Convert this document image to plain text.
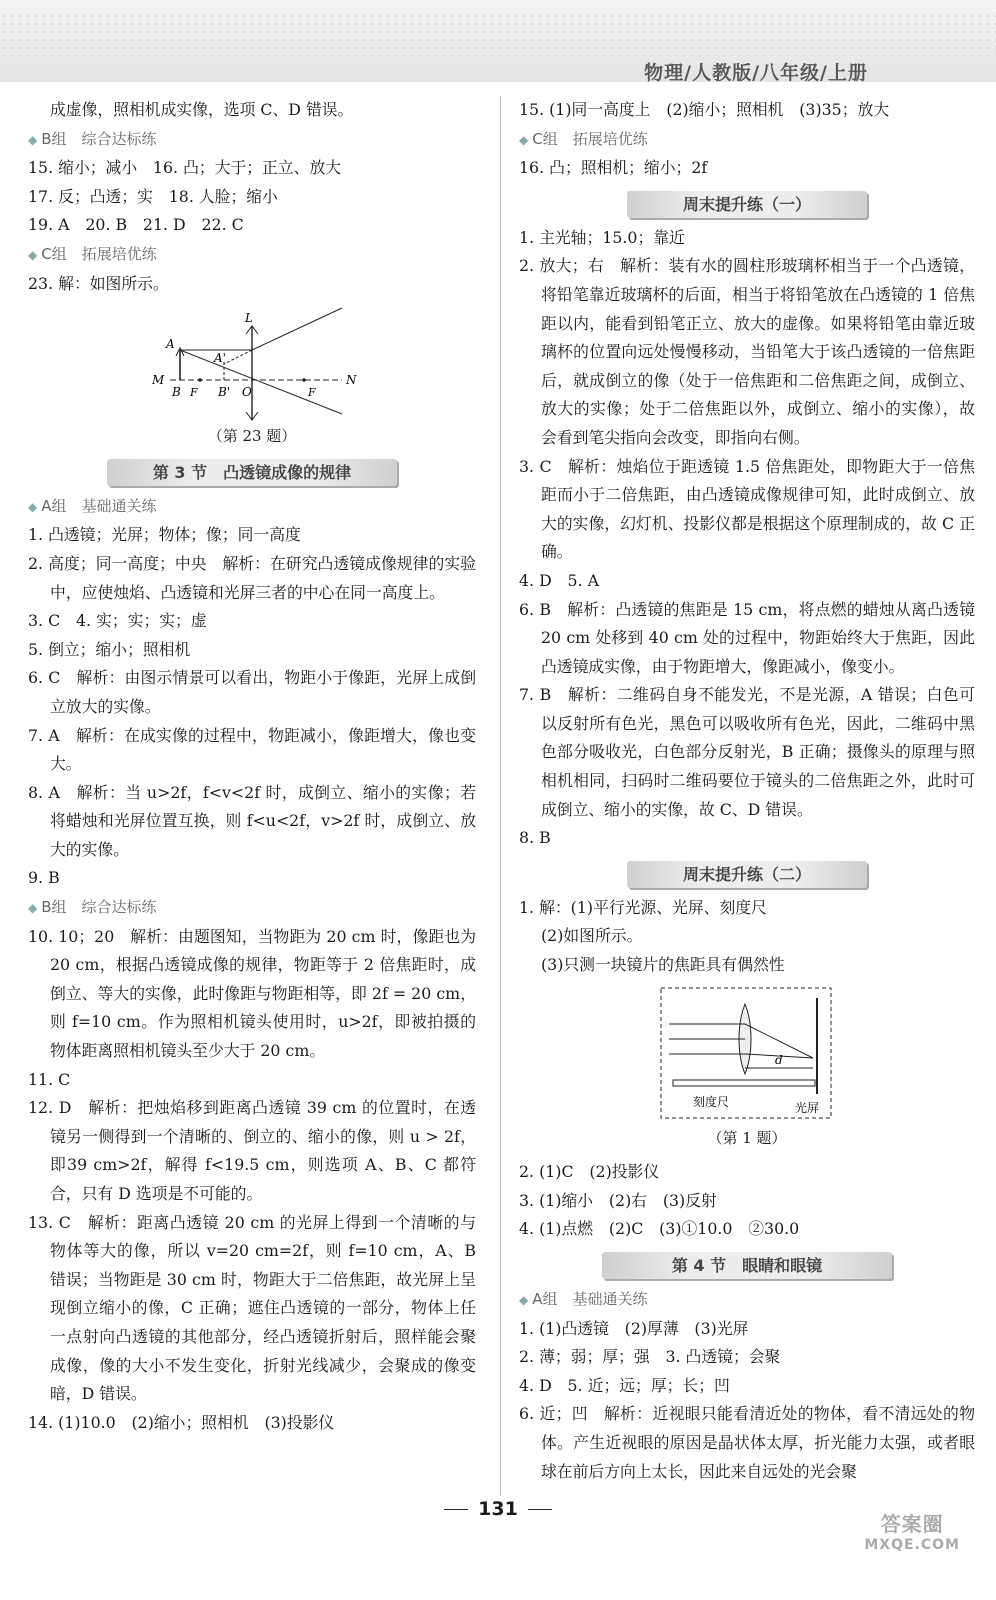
物理/人教版/八年级/上册

成虚像，照相机成实像，选项 C、D 错误。

◆ B组　综合达标练

15. 缩小；减小　16. 凸；大于；正立、放大

17. 反；凸透；实　18. 人脸；缩小

19. A　20. B　21. D　22. C

◆ C组　拓展培优练

23. 解：如图所示。

L
A
A'
M
B F B' O	F
N

（第 23 题）

第 3 节　凸透镜成像的规律

◆ A组　基础通关练

1. 凸透镜；光屏；物体；像；同一高度

2. 高度；同一高度；中央　解析：在研究凸透镜成像规律的实验中，应使烛焰、凸透镜和光屏三者的中心在同一高度上。

3. C　4. 实；实；实；虚

5. 倒立；缩小；照相机

6. C　解析：由图示情景可以看出，物距小于像距，光屏上成倒立放大的实像。

7. A　解析：在成实像的过程中，物距减小，像距增大，像也变大。

8. A　解析：当 u>2f，f<v<2f 时，成倒立、缩小的实像；若将蜡烛和光屏位置互换，则 f<u<2f，v>2f 时，成倒立、放大的实像。

9. B

◆ B组　综合达标练

10. 10；20　解析：由题图知，当物距为 20 cm 时，像距也为 20 cm，根据凸透镜成像的规律，物距等于 2 倍焦距时，成倒立、等大的实像，此时像距与物距相等，即 2f = 20 cm，则 f=10 cm。作为照相机镜头使用时，u>2f，即被拍摄的物体距离照相机镜头至少大于 20 cm。

11. C

12. D　解析：把烛焰移到距离凸透镜 39 cm 的位置时，在透镜另一侧得到一个清晰的、倒立的、缩小的像，则 u > 2f，即39 cm>2f，解得 f<19.5 cm，则选项 A、B、C 都符合，只有 D 选项是不可能的。

13. C　解析：距离凸透镜 20 cm 的光屏上得到一个清晰的与物体等大的像，所以 v=20 cm=2f，则 f=10 cm，A、B 错误；当物距是 30 cm 时，物距大于二倍焦距，故光屏上呈现倒立缩小的像，C 正确；遮住凸透镜的一部分，物体上任一点射向凸透镜的其他部分，经凸透镜折射后，照样能会聚成像，像的大小不发生变化，折射光线减少，会聚成的像变暗，D 错误。

14. (1)10.0　(2)缩小；照相机　(3)投影仪

15. (1)同一高度上　(2)缩小；照相机　(3)35；放大

◆ C组　拓展培优练

16. 凸；照相机；缩小；2f

周末提升练（一）

1. 主光轴；15.0；靠近

2. 放大；右　解析：装有水的圆柱形玻璃杯相当于一个凸透镜，将铅笔靠近玻璃杯的后面，相当于将铅笔放在凸透镜的 1 倍焦距以内，能看到铅笔正立、放大的虚像。如果将铅笔由靠近玻璃杯的位置向远处慢慢移动，当铅笔大于该凸透镜的一倍焦距后，就成倒立的像（处于一倍焦距和二倍焦距之间，成倒立、放大的实像；处于二倍焦距以外，成倒立、缩小的实像），故会看到笔尖指向会改变，即指向右侧。

3. C　解析：烛焰位于距透镜 1.5 倍焦距处，即物距大于一倍焦距而小于二倍焦距，由凸透镜成像规律可知，此时成倒立、放大的实像，幻灯机、投影仪都是根据这个原理制成的，故 C 正确。

4. D　5. A

6. B　解析：凸透镜的焦距是 15 cm，将点燃的蜡烛从离凸透镜20 cm 处移到 40 cm 处的过程中，物距始终大于焦距，因此凸透镜成实像，由于物距增大，像距减小，像变小。

7. B　解析：二维码自身不能发光，不是光源，A 错误；白色可以反射所有色光，黑色可以吸收所有色光，因此，二维码中黑色部分吸收光，白色部分反射光，B 正确；摄像头的原理与照相机相同，扫码时二维码要位于镜头的二倍焦距之外，此时可成倒立、缩小的实像，故 C、D 错误。

8. B

周末提升练（二）

1. 解：(1)平行光源、光屏、刻度尺

(2)如图所示。

(3)只测一块镜片的焦距具有偶然性

d
刻度尺	光屏

（第 1 题）

2. (1)C　(2)投影仪

3. (1)缩小　(2)右　(3)反射

4. (1)点燃　(2)C　(3)①10.0　②30.0

第 4 节　眼睛和眼镜

◆ A组　基础通关练

1. (1)凸透镜　(2)厚薄　(3)光屏

2. 薄；弱；厚；强　3. 凸透镜；会聚

4. D　5. 近；远；厚；长；凹

6. 近；凹　解析：近视眼只能看清近处的物体，看不清远处的物体。产生近视眼的原因是晶状体太厚，折光能力太强，或者眼球在前后方向上太长，因此来自远处的光会聚

131
答案圈
MXQE.COM
